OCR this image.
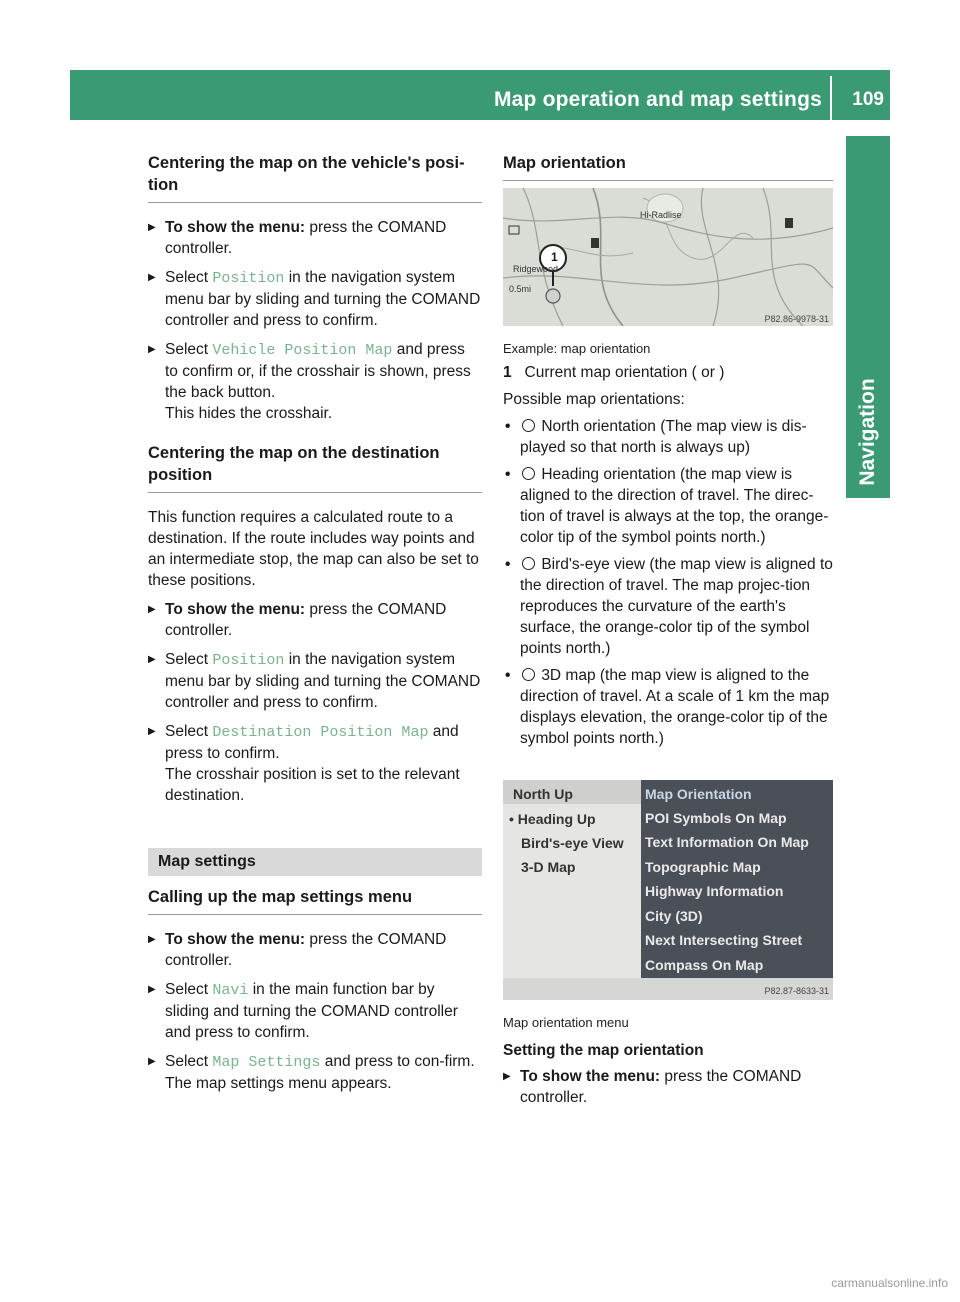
Map operation and map settings 109
Navigation
Centering the map on the vehicle's posi-tion
▶ To show the menu: press the COMAND controller.
▶ Select Position in the navigation system menu bar by sliding and turning the COMAND controller and press to confirm.
▶ Select Vehicle Position Map and press to confirm or, if the crosshair is shown, press the back button.
This hides the crosshair.
Centering the map on the destination position

This function requires a calculated route to a destination. If the route includes way points and an intermediate stop, the map can also be set to these positions.

▶ To show the menu: press the COMAND controller.
▶ Select Position in the navigation system menu bar by sliding and turning the COMAND controller and press to confirm.
▶ Select Destination Position Map and press to confirm.
The crosshair position is set to the relevant destination.
Map settings
Calling up the map settings menu
▶ To show the menu: press the COMAND controller.
▶ Select Navi in the main function bar by sliding and turning the COMAND controller and press to confirm.
▶ Select Map Settings and press to con-firm.
The map settings menu appears.
Map orientation
1
Hi-Radlise
Ridgewood
0.5mi
P82.86-9978-31

Example: map orientation

1 Current map orientation ( or )

Possible map orientations:

• North orientation (The map view is dis-played so that north is always up)
• Heading orientation (the map view is aligned to the direction of travel. The direc-tion of travel is always at the top, the orange-color tip of the symbol points north.)
• Bird's-eye view (the map view is aligned to the direction of travel. The map projec-tion reproduces the curvature of the earth's surface, the orange-color tip of the symbol points north.)
• 3D map (the map view is aligned to the direction of travel. At a scale of 1 km the map displays elevation, the orange-color tip of the symbol points north.)
North Up
• Heading Up
Bird's-eye View
3-D Map
Map Orientation
POI Symbols On Map
Text Information On Map
Topographic Map
Highway Information
City (3D)
Next Intersecting Street
Compass On Map
P82.87-8633-31

Map orientation menu

Setting the map orientation

▶ To show the menu: press the COMAND controller.
carmanualsonline.info
